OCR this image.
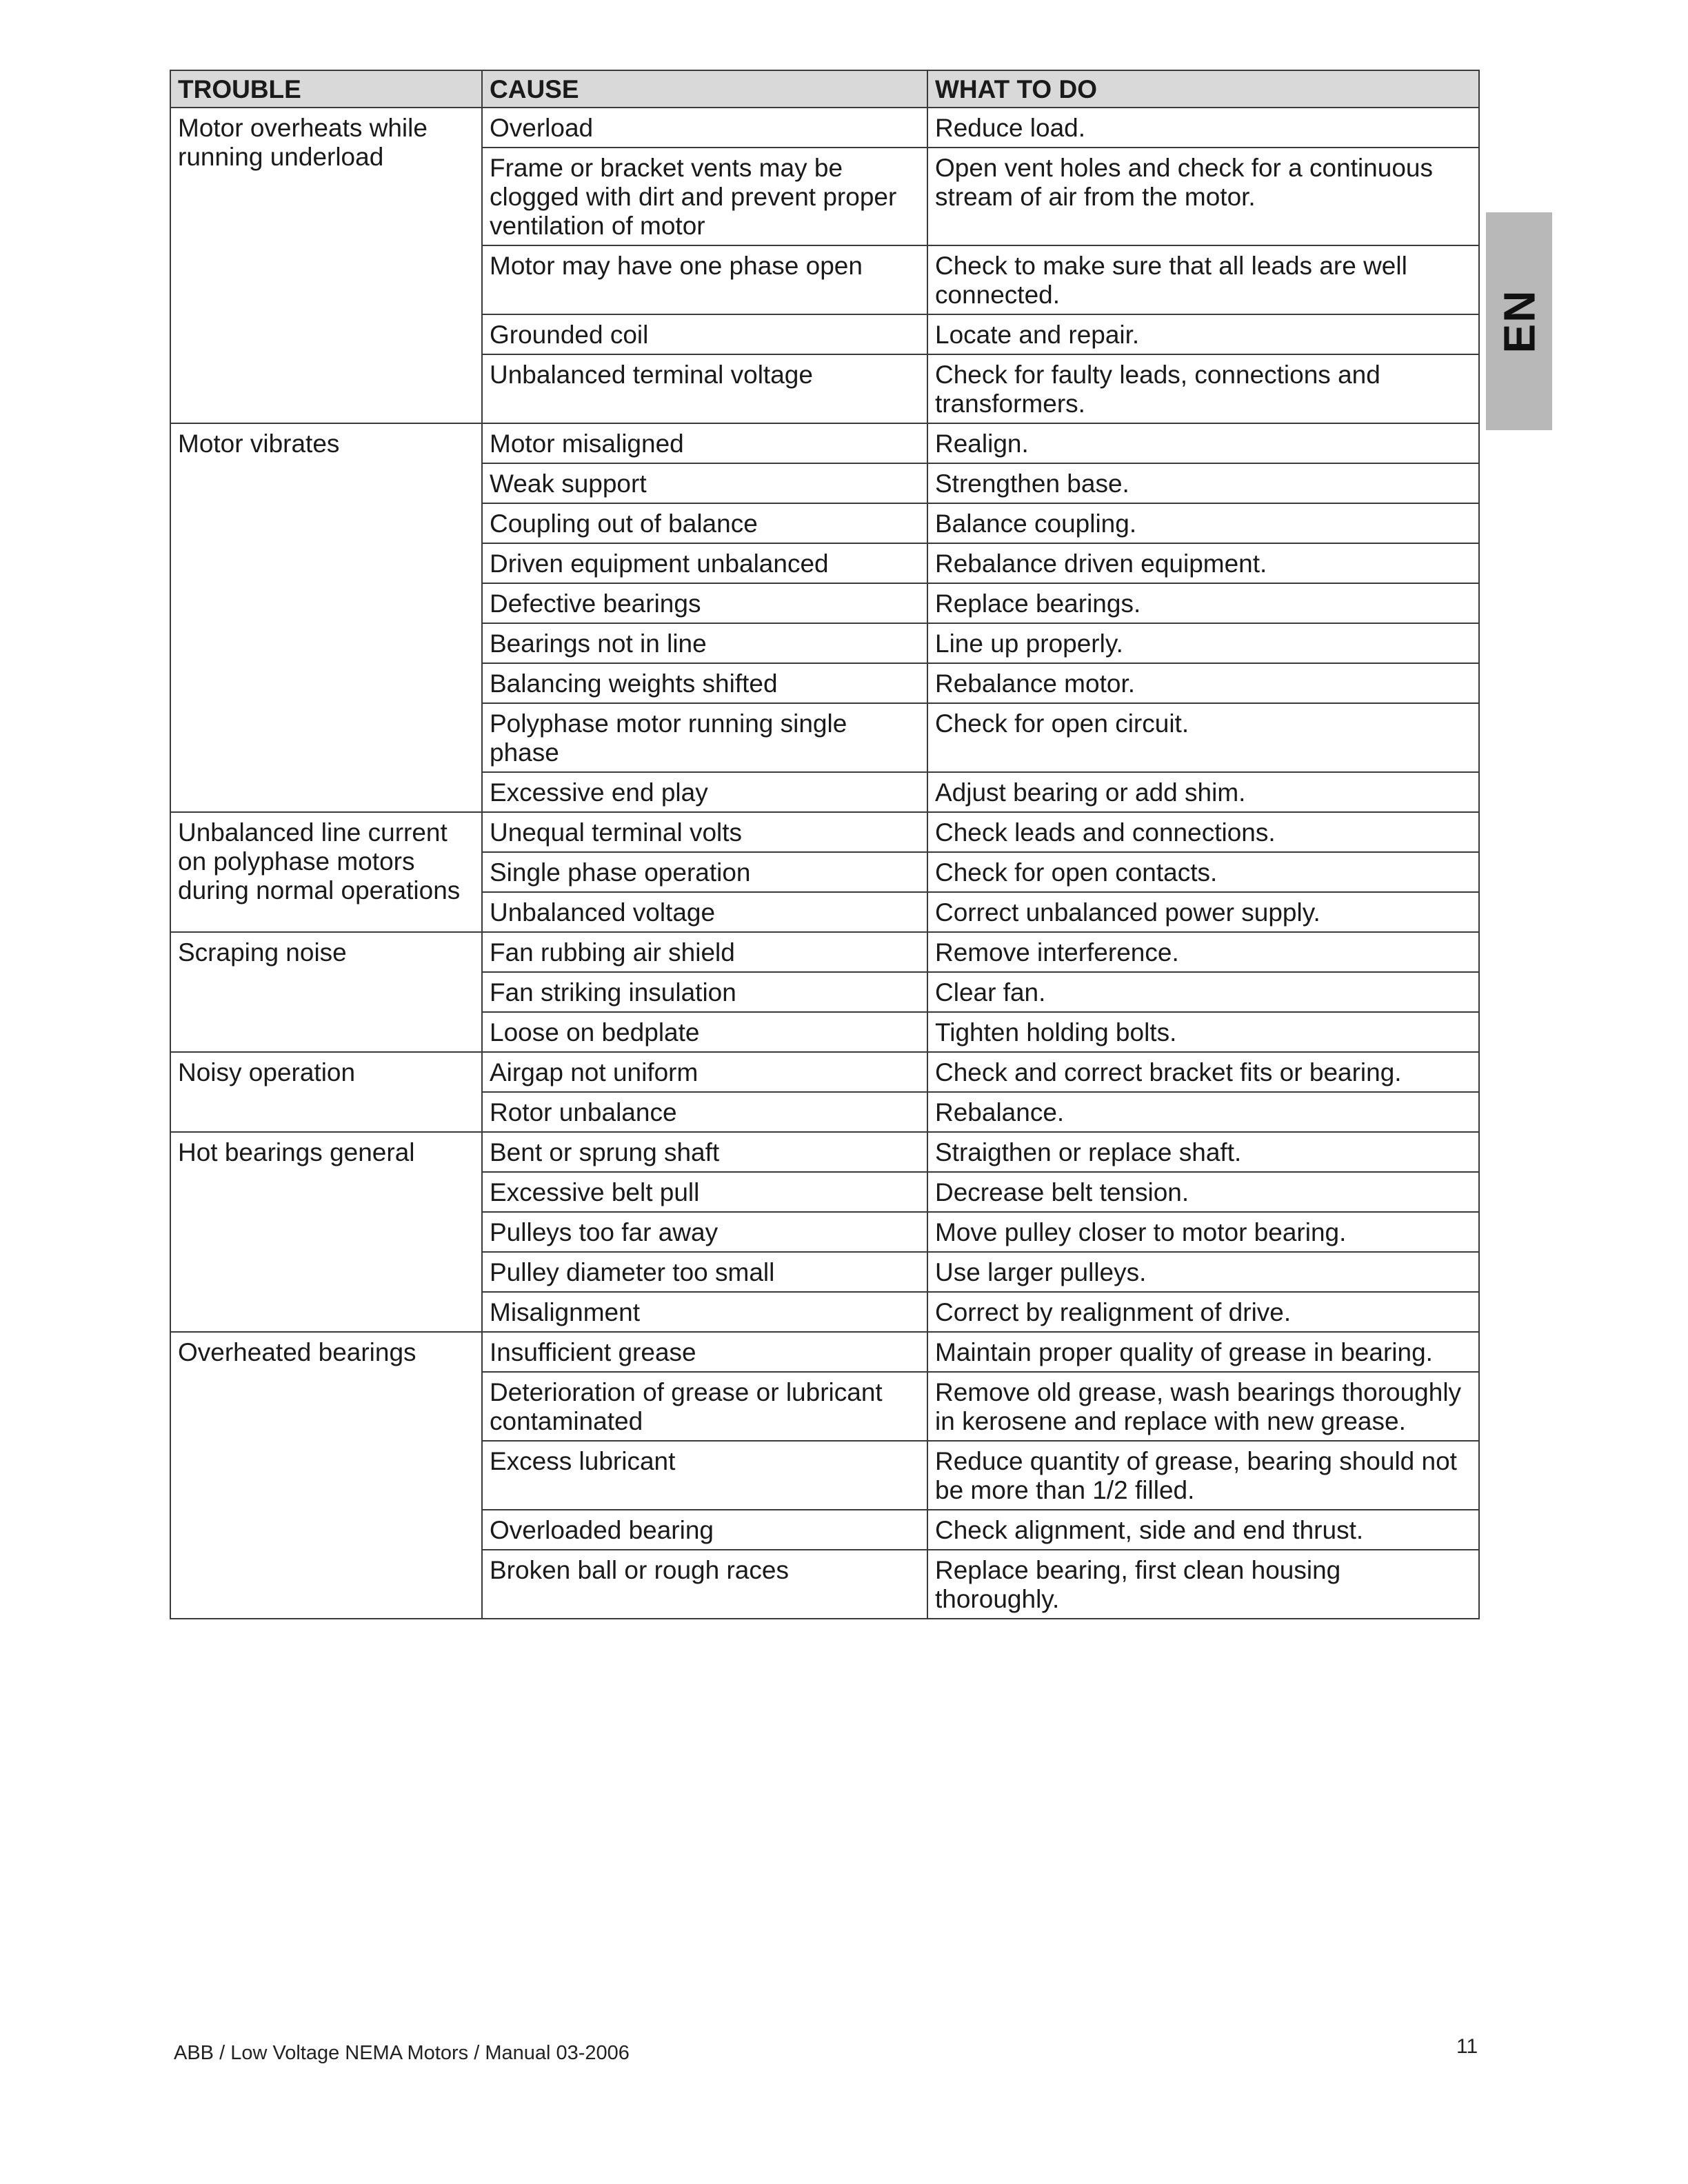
TROUBLE	CAUSE	WHAT TO DO
Motor overheats while running underload	Overload	Reduce load.
	Frame or bracket vents may be clogged with dirt and prevent proper ventilation of motor	Open vent holes and check for a continuous stream of air from the motor.
	Motor may have one phase open	Check to make sure that all leads are well connected.
	Grounded coil	Locate and repair.
	Unbalanced terminal voltage	Check for faulty leads, connections and transformers.
Motor vibrates	Motor misaligned	Realign.
	Weak support	Strengthen base.
	Coupling out of balance	Balance coupling.
	Driven equipment unbalanced	Rebalance driven equipment.
	Defective bearings	Replace bearings.
	Bearings not in line	Line up properly.
	Balancing weights shifted	Rebalance motor.
	Polyphase motor running single phase	Check for open circuit.
	Excessive end play	Adjust bearing or add shim.
Unbalanced line current on polyphase motors during normal operations	Unequal terminal volts	Check leads and connections.
	Single phase operation	Check for open contacts.
	Unbalanced voltage	Correct unbalanced power supply.
Scraping noise	Fan rubbing air shield	Remove interference.
	Fan striking insulation	Clear fan.
	Loose on bedplate	Tighten holding bolts.
Noisy operation	Airgap not uniform	Check and correct bracket fits or bearing.
	Rotor unbalance	Rebalance.
Hot bearings general	Bent or sprung shaft	Straigthen or replace shaft.
	Excessive belt pull	Decrease belt tension.
	Pulleys too far away	Move pulley closer to motor bearing.
	Pulley diameter too small	Use larger pulleys.
	Misalignment	Correct by realignment of drive.
Overheated bearings	Insufficient grease	Maintain proper quality of grease in bearing.
	Deterioration of grease or lubricant contaminated	Remove old grease, wash bearings thoroughly in kerosene and replace with new grease.
	Excess lubricant	Reduce quantity of grease, bearing should not be more than 1/2 filled.
	Overloaded bearing	Check alignment, side and end thrust.
	Broken ball or rough races	Replace bearing, first clean housing thoroughly.
EN
ABB / Low Voltage NEMA Motors / Manual 03-2006	11
